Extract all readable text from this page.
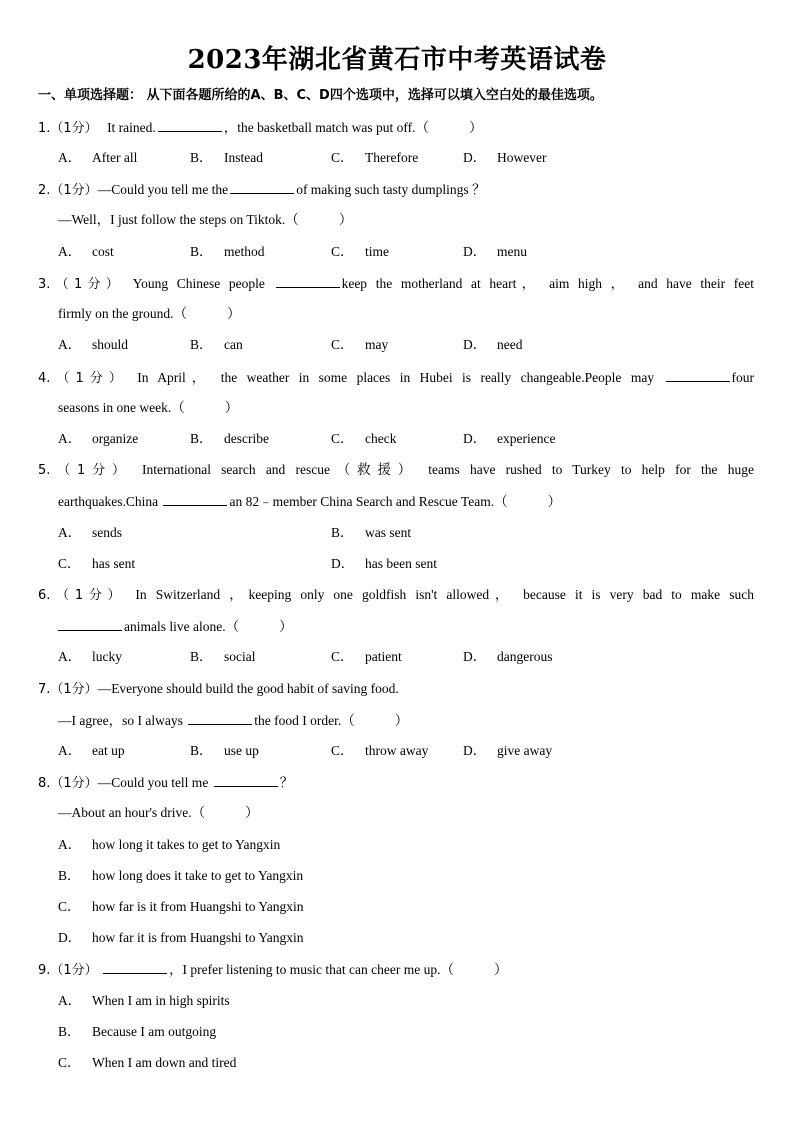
2023年湖北省黄石市中考英语试卷
一、单项选择题： 从下面各题所给的A、B、C、D四个选项中，选择可以填入空白处的最佳选项。
1.（1分） It rained.	，the basketball match was put off.（	）
A． After all	B． Instead	C． Therefore	D． However
2.（1分）—Could you tell me the	of making such tasty dumplings ？
—Well，I just follow the steps on Tiktok.（	）
A． cost	B． method	C． time	D． menu
3.（1分） Young Chinese people	keep the motherland at heart， aim high ， and have their feet
firmly on the ground.（	）
A． should	B． can	C． may	D． need
4.（1分） In April， the weather in some places in Hubei is really changeable.People may	four
seasons in one week.（	）
A． organize	B． describe	C． check	D． experience
5.（1分） International search and rescue（救援） teams have rushed to Turkey to help for the huge
earthquakes.China	an 82﹣member China Search and Rescue Team.（	）
A． sends	B． was sent
C． has sent	D． has been sent
6.（1分） In Switzerland ，keeping only one goldfish isn't allowed， because it is very bad to make such
animals live alone.（	）
A． lucky	B． social	C． patient	D． dangerous
7.（1分）—Everyone should build the good habit of saving food.
—I agree，so I always	the food I order.（	）
A． eat up	B． use up	C． throw away	D． give away
8.（1分）—Could you tell me	？
—About an hour's drive.（	）
A． how long it takes to get to Yangxin
B． how long does it take to get to Yangxin
C． how far is it from Huangshi to Yangxin
D． how far it is from Huangshi to Yangxin
9.（1分）	，I prefer listening to music that can cheer me up.（	）
A． When I am in high spirits
B． Because I am outgoing
C． When I am down and tired
